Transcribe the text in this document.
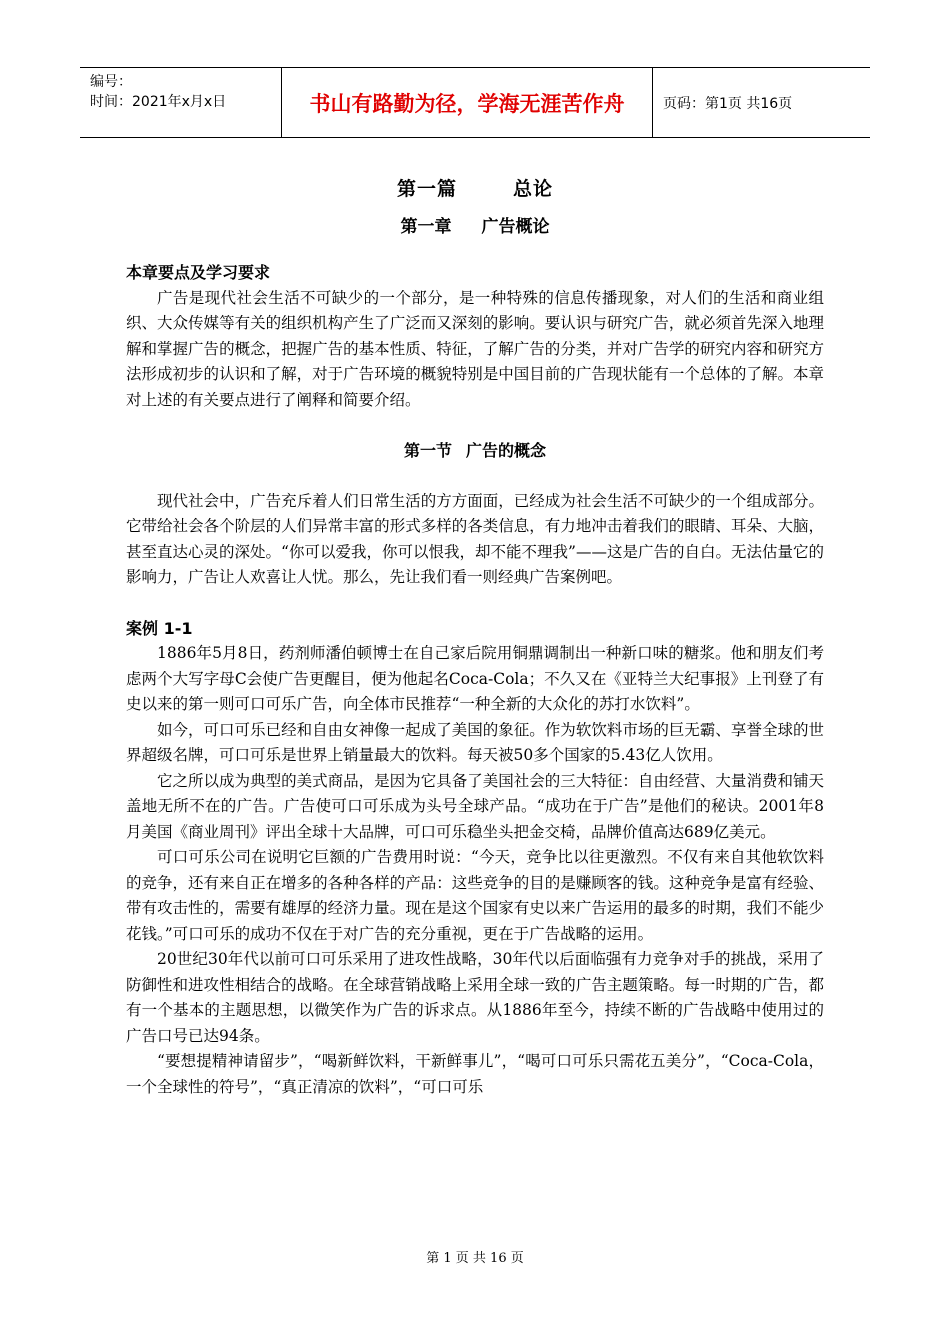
编号：
时间：2021年x月x日	书山有路勤为径，学海无涯苦作舟	页码：第1页 共16页
第一篇	总论
第一章 广告概论

本章要点及学习要求

广告是现代社会生活不可缺少的一个部分，是一种特殊的信息传播现象，对人们的生活和商业组织、大众传媒等有关的组织机构产生了广泛而又深刻的影响。要认识与研究广告，就必须首先深入地理解和掌握广告的概念，把握广告的基本性质、特征，了解广告的分类，并对广告学的研究内容和研究方法形成初步的认识和了解，对于广告环境的概貌特别是中国目前的广告现状能有一个总体的了解。本章对上述的有关要点进行了阐释和简要介绍。

第一节 广告的概念

现代社会中，广告充斥着人们日常生活的方方面面，已经成为社会生活不可缺少的一个组成部分。它带给社会各个阶层的人们异常丰富的形式多样的各类信息，有力地冲击着我们的眼睛、耳朵、大脑，甚至直达心灵的深处。“你可以爱我，你可以恨我，却不能不理我”——这是广告的自白。无法估量它的影响力，广告让人欢喜让人忧。那么，先让我们看一则经典广告案例吧。

案例 1-1

1886年5月8日，药剂师潘伯顿博士在自己家后院用铜鼎调制出一种新口味的糖浆。他和朋友们考虑两个大写字母C会使广告更醒目，便为他起名Coca-Cola；不久又在《亚特兰大纪事报》上刊登了有史以来的第一则可口可乐广告，向全体市民推荐“一种全新的大众化的苏打水饮料”。

如今，可口可乐已经和自由女神像一起成了美国的象征。作为软饮料市场的巨无霸、享誉全球的世界超级名牌，可口可乐是世界上销量最大的饮料。每天被50多个国家的5.43亿人饮用。

它之所以成为典型的美式商品，是因为它具备了美国社会的三大特征：自由经营、大量消费和铺天盖地无所不在的广告。广告使可口可乐成为头号全球产品。“成功在于广告”是他们的秘诀。2001年8月美国《商业周刊》评出全球十大品牌，可口可乐稳坐头把金交椅，品牌价值高达689亿美元。

可口可乐公司在说明它巨额的广告费用时说：“今天，竞争比以往更激烈。不仅有来自其他软饮料的竞争，还有来自正在增多的各种各样的产品：这些竞争的目的是赚顾客的钱。这种竞争是富有经验、带有攻击性的，需要有雄厚的经济力量。现在是这个国家有史以来广告运用的最多的时期，我们不能少花钱。”可口可乐的成功不仅在于对广告的充分重视，更在于广告战略的运用。

20世纪30年代以前可口可乐采用了进攻性战略，30年代以后面临强有力竞争对手的挑战，采用了防御性和进攻性相结合的战略。在全球营销战略上采用全球一致的广告主题策略。每一时期的广告，都有一个基本的主题思想，以微笑作为广告的诉求点。从1886年至今，持续不断的广告战略中使用过的广告口号已达94条。

“要想提精神请留步”，“喝新鲜饮料，干新鲜事儿”，“喝可口可乐只需花五美分”，“Coca-Cola，一个全球性的符号”，“真正清凉的饮料”，“可口可乐

第 1 页 共 16 页
